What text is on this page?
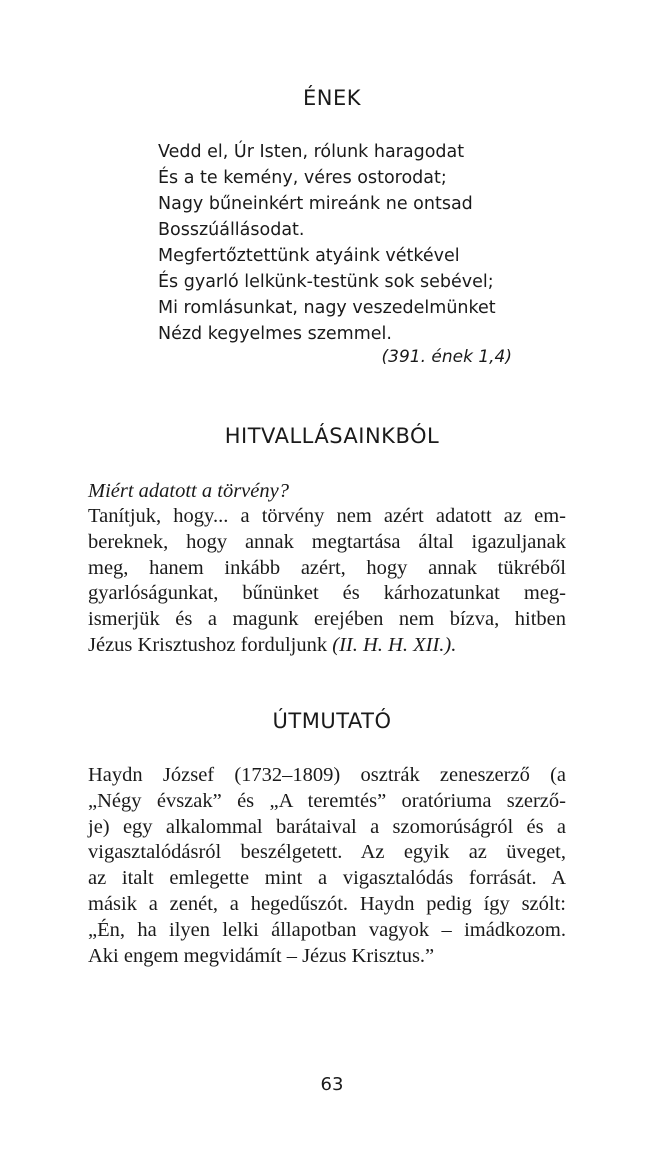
ÉNEK
Vedd el, Úr Isten, rólunk haragodat
És a te kemény, véres ostorodat;
Nagy bűneinkért mireánk ne ontsad
Bosszúállásodat.
Megfertőztettünk atyáink vétkével
És gyarló lelkünk-testünk sok sebével;
Mi romlásunkat, nagy veszedelmünket
Nézd kegyelmes szemmel.
(391. ének 1,4)
HITVALLÁSAINKBÓL
Miért adatott a törvény?
Tanítjuk, hogy... a törvény nem azért adatott az em-
bereknek, hogy annak megtartása által igazuljanak
meg, hanem inkább azért, hogy annak tükréből
gyarlóságunkat, bűnünket és kárhozatunkat meg-
ismerjük és a magunk erejében nem bízva, hitben
Jézus Krisztushoz forduljunk (II. H. H. XII.).
ÚTMUTATÓ
Haydn József (1732–1809) osztrák zeneszerző (a
„Négy évszak” és „A teremtés” oratóriuma szerző-
je) egy alkalommal barátaival a szomorúságról és a
vigasztalódásról beszélgetett. Az egyik az üveget,
az italt emlegette mint a vigasztalódás forrását. A
másik a zenét, a hegedűszót. Haydn pedig így szólt:
„Én, ha ilyen lelki állapotban vagyok – imádkozom.
Aki engem megvidámít – Jézus Krisztus.”
63
